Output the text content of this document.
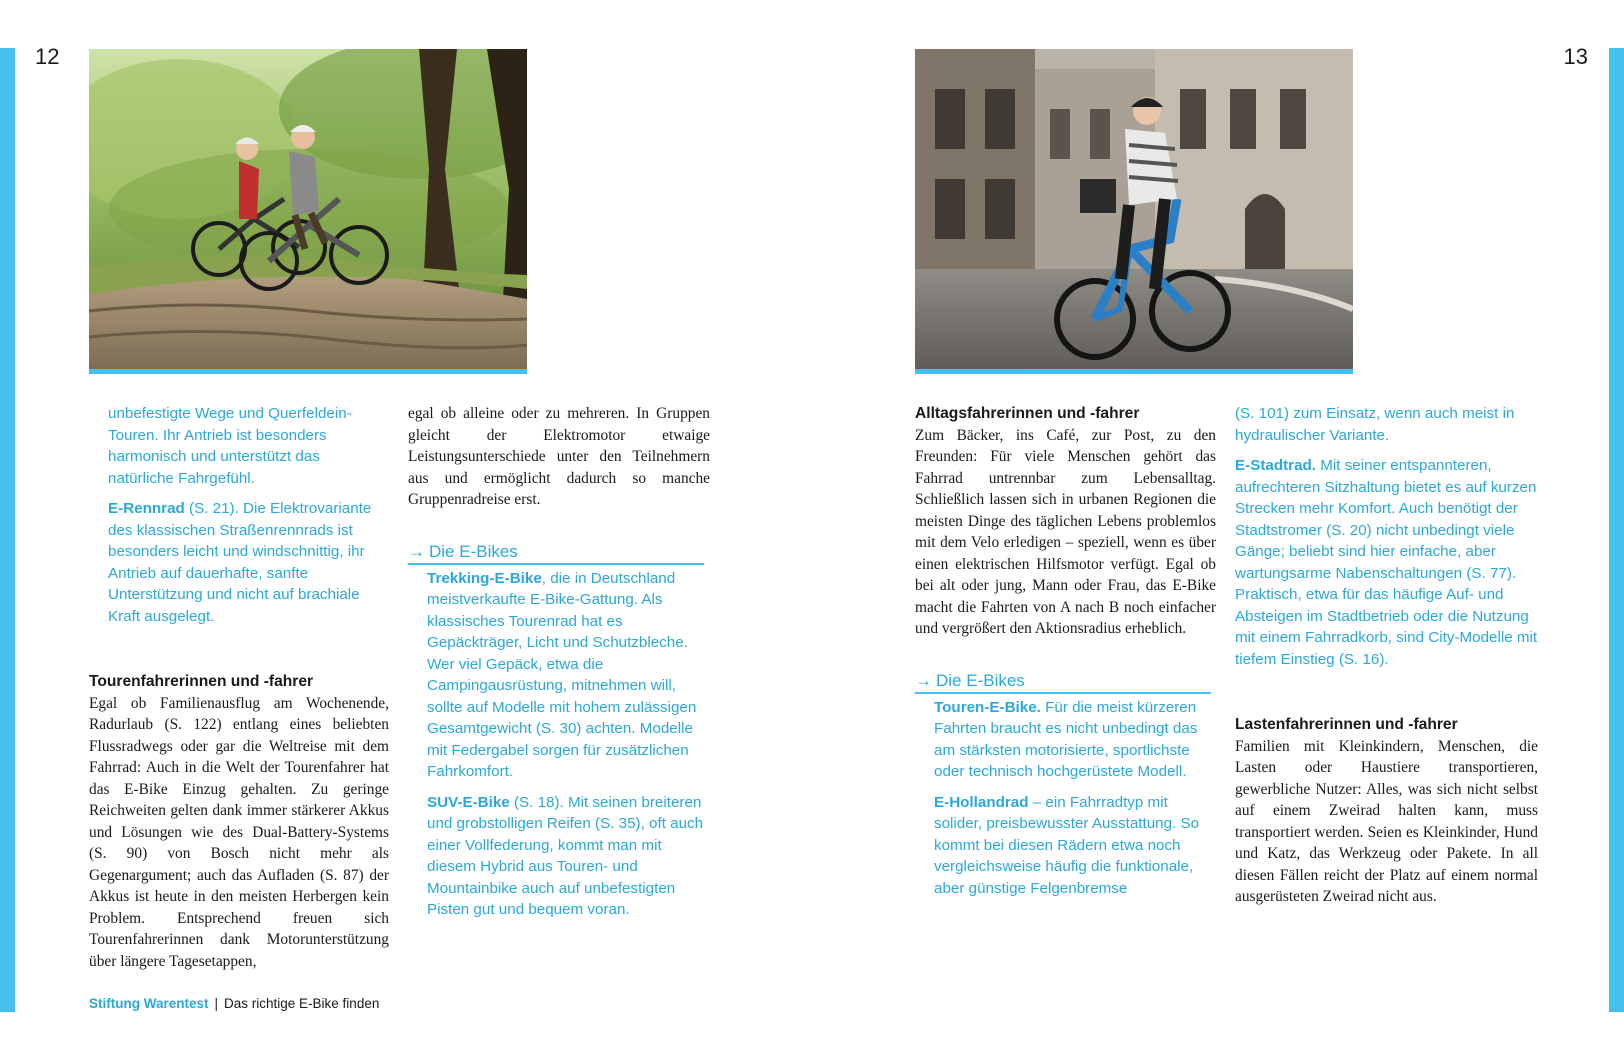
12	13

unbefestigte Wege und Querfeldein-Touren. Ihr Antrieb ist besonders harmonisch und unterstützt das natürliche Fahrgefühl.

E-Rennrad (S. 21). Die Elektrovariante des klassischen Straßenrennrads ist besonders leicht und windschnittig, ihr Antrieb auf dauerhafte, sanfte Unterstützung und nicht auf brachiale Kraft ausgelegt.

Tourenfahrerinnen und -fahrer

Egal ob Familienausflug am Wochenende, Radurlaub (S. 122) entlang eines beliebten Flussradwegs oder gar die Weltreise mit dem Fahrrad: Auch in die Welt der Tourenfahrer hat das E-Bike Einzug gehalten. Zu geringe Reichweiten gelten dank immer stärkerer Akkus und Lösungen wie des Dual-Battery-Systems (S. 90) von Bosch nicht mehr als Gegenargument; auch das Aufladen (S. 87) der Akkus ist heute in den meisten Herbergen kein Problem. Entsprechend freuen sich Tourenfahrerinnen dank Motorunterstützung über längere Tagesetappen,

egal ob alleine oder zu mehreren. In Gruppen gleicht der Elektromotor etwaige Leistungsunterschiede unter den Teilnehmern aus und ermöglicht dadurch so manche Gruppenradreise erst.

→ Die E-Bikes

Trekking-E-Bike, die in Deutschland meistverkaufte E-Bike-Gattung. Als klassisches Tourenrad hat es Gepäckträger, Licht und Schutzbleche. Wer viel Gepäck, etwa die Campingausrüstung, mitnehmen will, sollte auf Modelle mit hohem zulässigen Gesamtgewicht (S. 30) achten. Modelle mit Federgabel sorgen für zusätzlichen Fahrkomfort.

SUV-E-Bike (S. 18). Mit seinen breiteren und grobstolligen Reifen (S. 35), oft auch einer Vollfederung, kommt man mit diesem Hybrid aus Touren- und Mountainbike auch auf unbefestigten Pisten gut und bequem voran.

Alltagsfahrerinnen und -fahrer

Zum Bäcker, ins Café, zur Post, zu den Freunden: Für viele Menschen gehört das Fahrrad untrennbar zum Lebensalltag. Schließlich lassen sich in urbanen Regionen die meisten Dinge des täglichen Lebens problemlos mit dem Velo erledigen – speziell, wenn es über einen elektrischen Hilfsmotor verfügt. Egal ob bei alt oder jung, Mann oder Frau, das E-Bike macht die Fahrten von A nach B noch einfacher und vergrößert den Aktionsradius erheblich.

→ Die E-Bikes

Touren-E-Bike. Für die meist kürzeren Fahrten braucht es nicht unbedingt das am stärksten motorisierte, sportlichste oder technisch hochgerüstete Modell.

E-Hollandrad – ein Fahrradtyp mit solider, preisbewusster Ausstattung. So kommt bei diesen Rädern etwa noch vergleichsweise häufig die funktionale, aber günstige Felgenbremse

(S. 101) zum Einsatz, wenn auch meist in hydraulischer Variante.

E-Stadtrad. Mit seiner entspannteren, aufrechteren Sitzhaltung bietet es auf kurzen Strecken mehr Komfort. Auch benötigt der Stadtstromer (S. 20) nicht unbedingt viele Gänge; beliebt sind hier einfache, aber wartungsarme Nabenschaltungen (S. 77). Praktisch, etwa für das häufige Auf- und Absteigen im Stadtbetrieb oder die Nutzung mit einem Fahrradkorb, sind City-Modelle mit tiefem Einstieg (S. 16).

Lastenfahrerinnen und -fahrer

Familien mit Kleinkindern, Menschen, die Lasten oder Haustiere transportieren, gewerbliche Nutzer: Alles, was sich nicht selbst auf einem Zweirad halten kann, muss transportiert werden. Seien es Kleinkinder, Hund und Katz, das Werkzeug oder Pakete. In all diesen Fällen reicht der Platz auf einem normal ausgerüsteten Zweirad nicht aus.

Stiftung Warentest | Das richtige E-Bike finden
